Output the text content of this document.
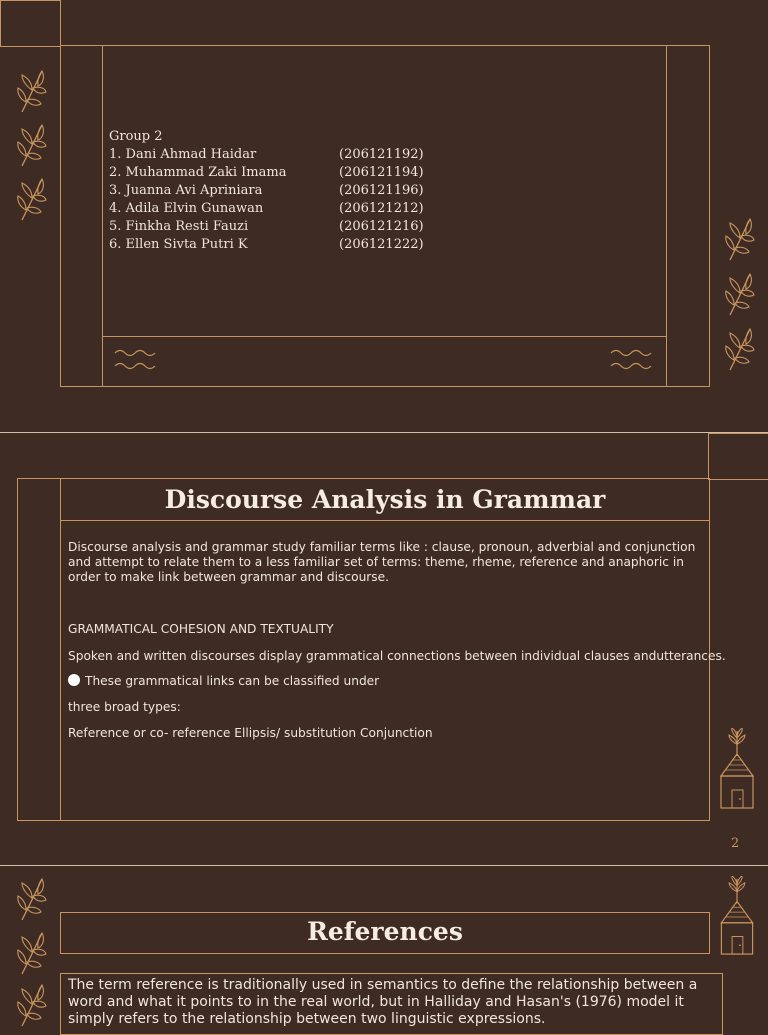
Group 2
1. Dani Ahmad Haidar	(206121192)
2. Muhammad Zaki Imama	(206121194)
3. Juanna Avi Apriniara	(206121196)
4. Adila Elvin Gunawan	(206121212)
5. Finkha Resti Fauzi	(206121216)
6. Ellen Sivta Putri K	(206121222)
Discourse Analysis in Grammar
Discourse analysis and grammar study familiar terms like : clause, pronoun, adverbial and conjunction and attempt to relate them to a less familiar set of terms: theme, rheme, reference and anaphoric in order to make link between grammar and discourse.
GRAMMATICAL COHESION AND TEXTUALITY
Spoken and written discourses display grammatical connections between individual clauses andutterances.
These grammatical links can be classified under
three broad types:
Reference or co- reference Ellipsis/ substitution Conjunction
2
References
The term reference is traditionally used in semantics to define the relationship between a word and what it points to in the real world, but in Halliday and Hasan's (1976) model it simply refers to the relationship between two linguistic expressions.
